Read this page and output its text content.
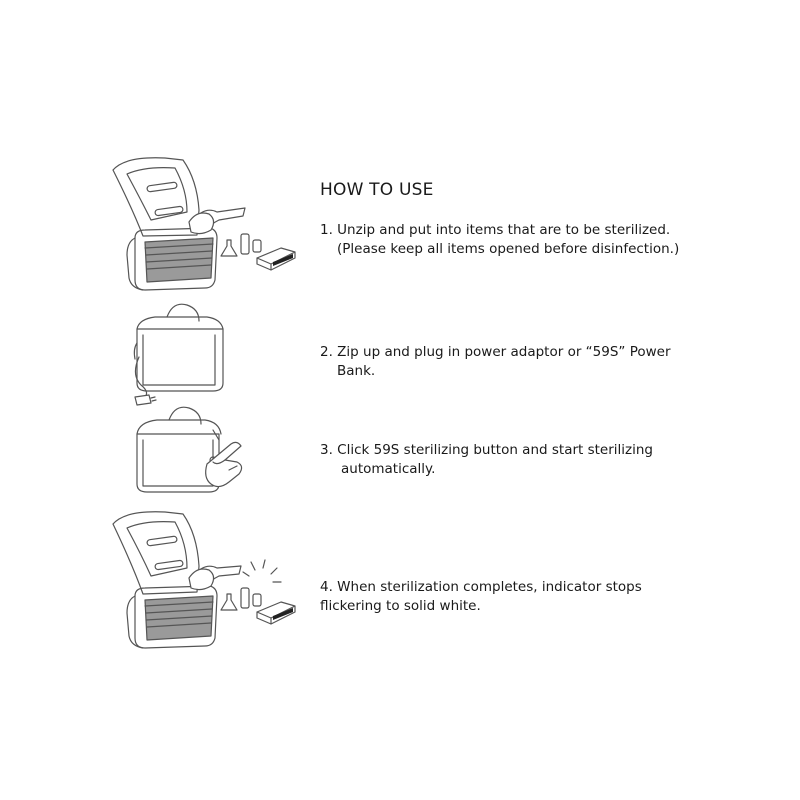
HOW TO USE

1. Unzip and put into items that are to be sterilized.
(Please keep all items opened before disinfection.)

2. Zip up and plug in power adaptor or “59S” Power
Bank.

3. Click 59S sterilizing button and start sterilizing
automatically.

4. When sterilization completes, indicator stops
flickering to solid white.
